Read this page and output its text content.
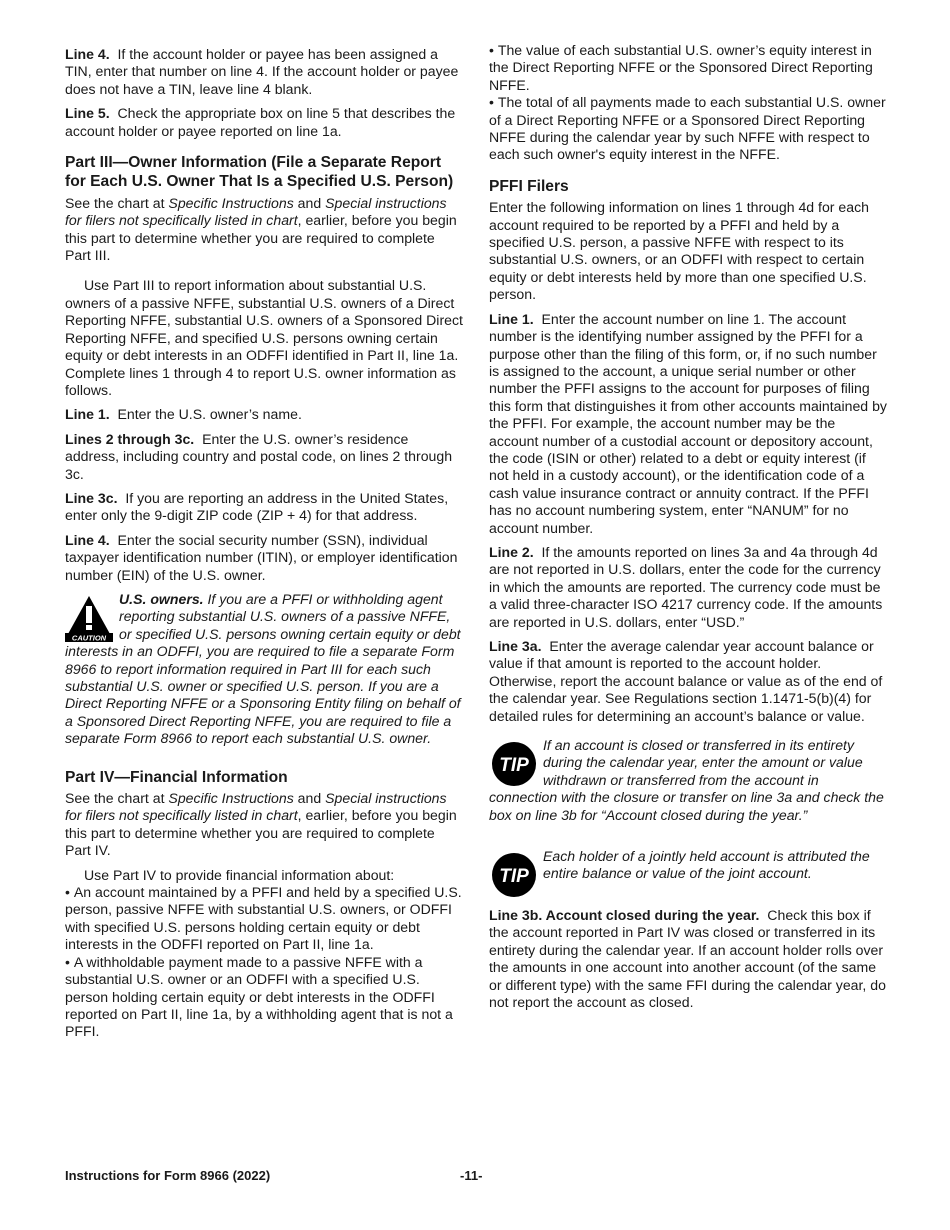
Line 4. If the account holder or payee has been assigned a TIN, enter that number on line 4. If the account holder or payee does not have a TIN, leave line 4 blank.

Line 5. Check the appropriate box on line 5 that describes the account holder or payee reported on line 1a.

Part III—Owner Information (File a Separate Report for Each U.S. Owner That Is a Specified U.S. Person)

See the chart at Specific Instructions and Special instructions for filers not specifically listed in chart, earlier, before you begin this part to determine whether you are required to complete Part III.

Use Part III to report information about substantial U.S. owners of a passive NFFE, substantial U.S. owners of a Direct Reporting NFFE, substantial U.S. owners of a Sponsored Direct Reporting NFFE, and specified U.S. persons owning certain equity or debt interests in an ODFFI identified in Part II, line 1a. Complete lines 1 through 4 to report U.S. owner information as follows.

Line 1. Enter the U.S. owner’s name.

Lines 2 through 3c. Enter the U.S. owner’s residence address, including country and postal code, on lines 2 through 3c.

Line 3c. If you are reporting an address in the United States, enter only the 9-digit ZIP code (ZIP + 4) for that address.

Line 4. Enter the social security number (SSN), individual taxpayer identification number (ITIN), or employer identification number (EIN) of the U.S. owner.

CAUTION
U.S. owners. If you are a PFFI or withholding agent reporting substantial U.S. owners of a passive NFFE, or specified U.S. persons owning certain equity or debt interests in an ODFFI, you are required to file a separate Form 8966 to report information required in Part III for each such substantial U.S. owner or specified U.S. person. If you are a Direct Reporting NFFE or a Sponsoring Entity filing on behalf of a Sponsored Direct Reporting NFFE, you are required to file a separate Form 8966 to report each substantial U.S. owner.
Part IV—Financial Information

See the chart at Specific Instructions and Special instructions for filers not specifically listed in chart, earlier, before you begin this part to determine whether you are required to complete Part IV.

Use Part IV to provide financial information about:

• An account maintained by a PFFI and held by a specified U.S. person, passive NFFE with substantial U.S. owners, or ODFFI with specified U.S. persons holding certain equity or debt interests in the ODFFI reported on Part II, line 1a.

• A withholdable payment made to a passive NFFE with a substantial U.S. owner or an ODFFI with a specified U.S. person holding certain equity or debt interests in the ODFFI reported on Part II, line 1a, by a withholding agent that is not a PFFI.

• The value of each substantial U.S. owner’s equity interest in the Direct Reporting NFFE or the Sponsored Direct Reporting NFFE.

• The total of all payments made to each substantial U.S. owner of a Direct Reporting NFFE or a Sponsored Direct Reporting NFFE during the calendar year by such NFFE with respect to each such owner's equity interest in the NFFE.

PFFI Filers

Enter the following information on lines 1 through 4d for each account required to be reported by a PFFI and held by a specified U.S. person, a passive NFFE with respect to its substantial U.S. owners, or an ODFFI with respect to certain equity or debt interests held by more than one specified U.S. person.

Line 1. Enter the account number on line 1. The account number is the identifying number assigned by the PFFI for a purpose other than the filing of this form, or, if no such number is assigned to the account, a unique serial number or other number the PFFI assigns to the account for purposes of filing this form that distinguishes it from other accounts maintained by the PFFI. For example, the account number may be the account number of a custodial account or depository account, the code (ISIN or other) related to a debt or equity interest (if not held in a custody account), or the identification code of a cash value insurance contract or annuity contract. If the PFFI has no account numbering system, enter “NANUM” for no account number.

Line 2. If the amounts reported on lines 3a and 4a through 4d are not reported in U.S. dollars, enter the code for the currency in which the amounts are reported. The currency code must be a valid three-character ISO 4217 currency code. If the amounts are reported in U.S. dollars, enter “USD.”

Line 3a. Enter the average calendar year account balance or value if that amount is reported to the account holder. Otherwise, report the account balance or value as of the end of the calendar year. See Regulations section 1.1471-5(b)(4) for detailed rules for determining an account’s balance or value.

TIP
If an account is closed or transferred in its entirety during the calendar year, enter the amount or value withdrawn or transferred from the account in connection with the closure or transfer on line 3a and check the box on line 3b for “Account closed during the year.”
TIP
Each holder of a jointly held account is attributed the entire balance or value of the joint account.

Line 3b. Account closed during the year. Check this box if the account reported in Part IV was closed or transferred in its entirety during the calendar year. If an account holder rolls over the amounts in one account into another account (of the same or different type) with the same FFI during the calendar year, do not report the account as closed.

Instructions for Form 8966 (2022)	-11-
